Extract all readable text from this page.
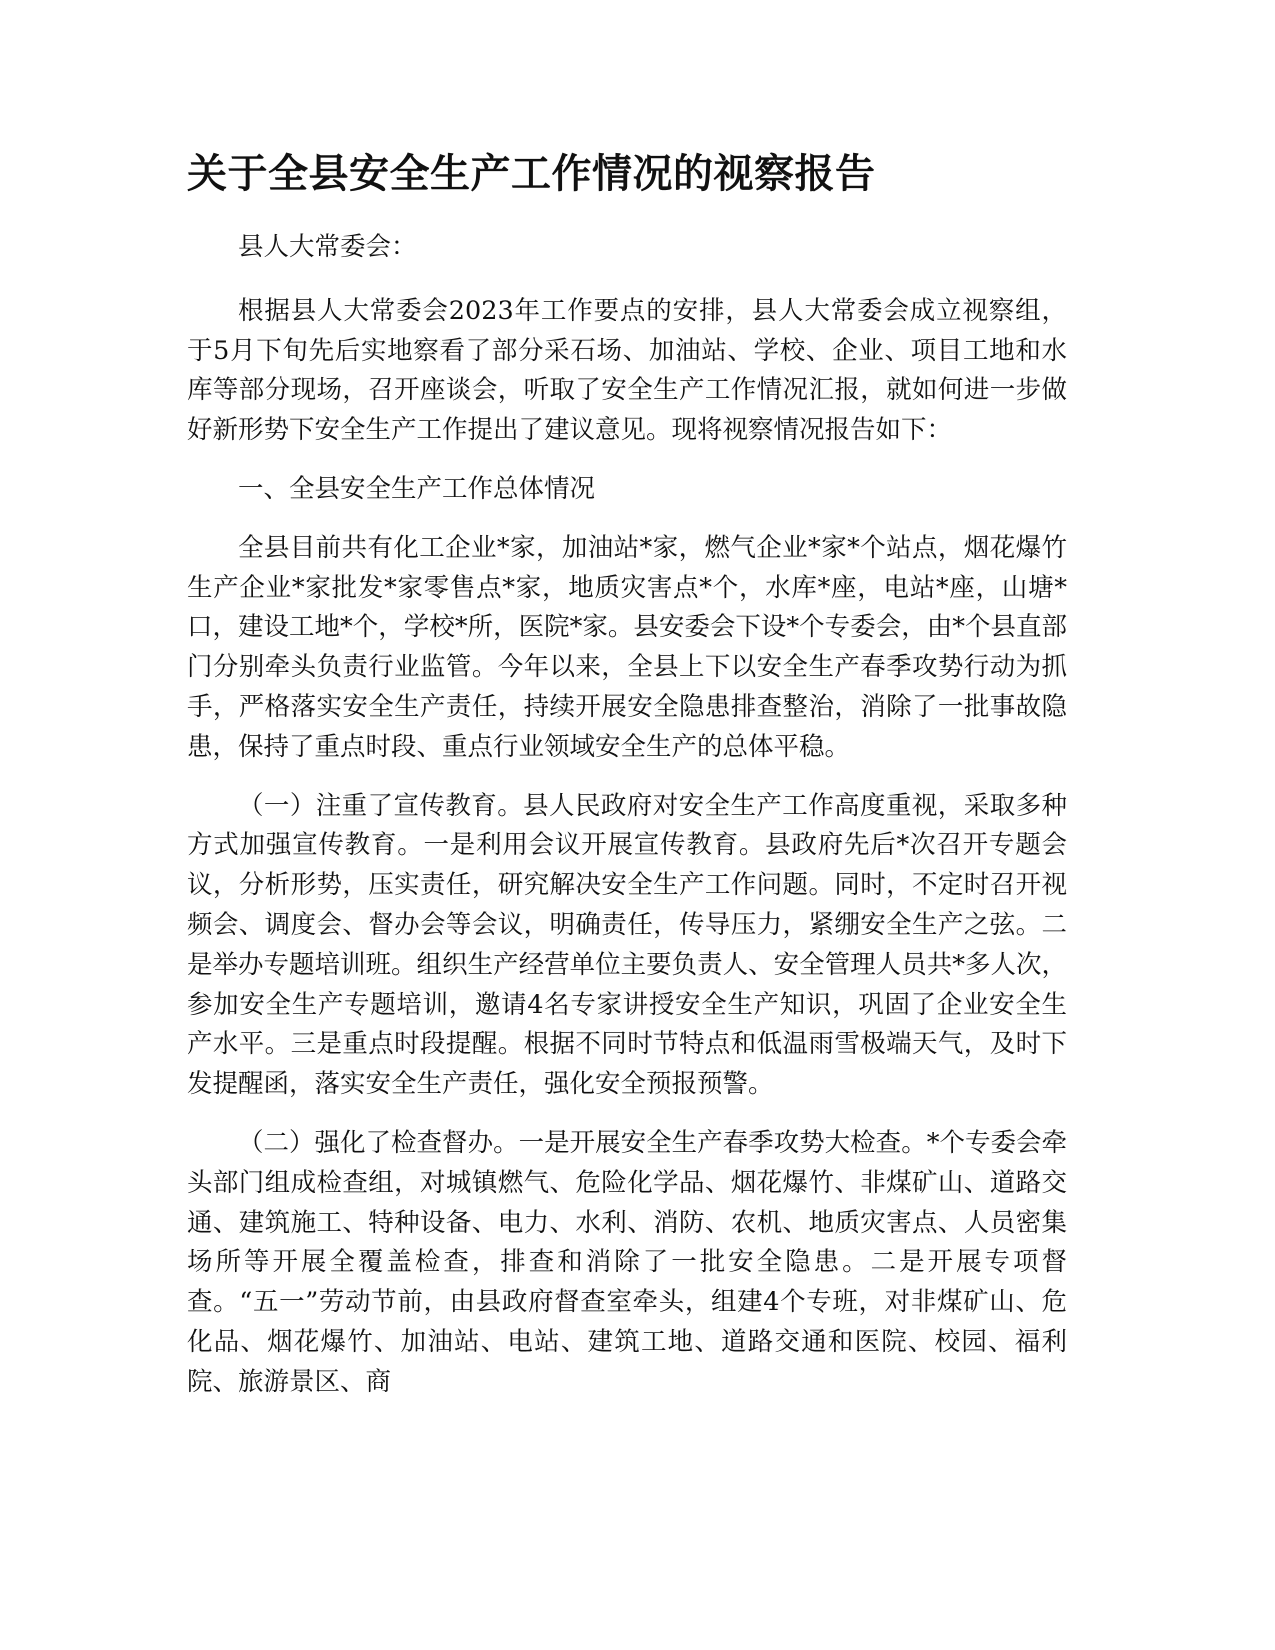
关于全县安全生产工作情况的视察报告

县人大常委会：

根据县人大常委会2023年工作要点的安排，县人大常委会成立视察组，于5月下旬先后实地察看了部分采石场、加油站、学校、企业、项目工地和水库等部分现场，召开座谈会，听取了安全生产工作情况汇报，就如何进一步做好新形势下安全生产工作提出了建议意见。现将视察情况报告如下：

一、全县安全生产工作总体情况

全县目前共有化工企业*家，加油站*家，燃气企业*家*个站点，烟花爆竹生产企业*家批发*家零售点*家，地质灾害点*个，水库*座，电站*座，山塘*口，建设工地*个，学校*所，医院*家。县安委会下设*个专委会，由*个县直部门分别牵头负责行业监管。今年以来，全县上下以安全生产春季攻势行动为抓手，严格落实安全生产责任，持续开展安全隐患排查整治，消除了一批事故隐患，保持了重点时段、重点行业领域安全生产的总体平稳。

（一）注重了宣传教育。县人民政府对安全生产工作高度重视，采取多种方式加强宣传教育。一是利用会议开展宣传教育。县政府先后*次召开专题会议，分析形势，压实责任，研究解决安全生产工作问题。同时，不定时召开视频会、调度会、督办会等会议，明确责任，传导压力，紧绷安全生产之弦。二是举办专题培训班。组织生产经营单位主要负责人、安全管理人员共*多人次，参加安全生产专题培训，邀请4名专家讲授安全生产知识，巩固了企业安全生产水平。三是重点时段提醒。根据不同时节特点和低温雨雪极端天气，及时下发提醒函，落实安全生产责任，强化安全预报预警。

（二）强化了检查督办。一是开展安全生产春季攻势大检查。*个专委会牵头部门组成检查组，对城镇燃气、危险化学品、烟花爆竹、非煤矿山、道路交通、建筑施工、特种设备、电力、水利、消防、农机、地质灾害点、人员密集场所等开展全覆盖检查，排查和消除了一批安全隐患。二是开展专项督查。“五一”劳动节前，由县政府督查室牵头，组建4个专班，对非煤矿山、危化品、烟花爆竹、加油站、电站、建筑工地、道路交通和医院、校园、福利院、旅游景区、商
